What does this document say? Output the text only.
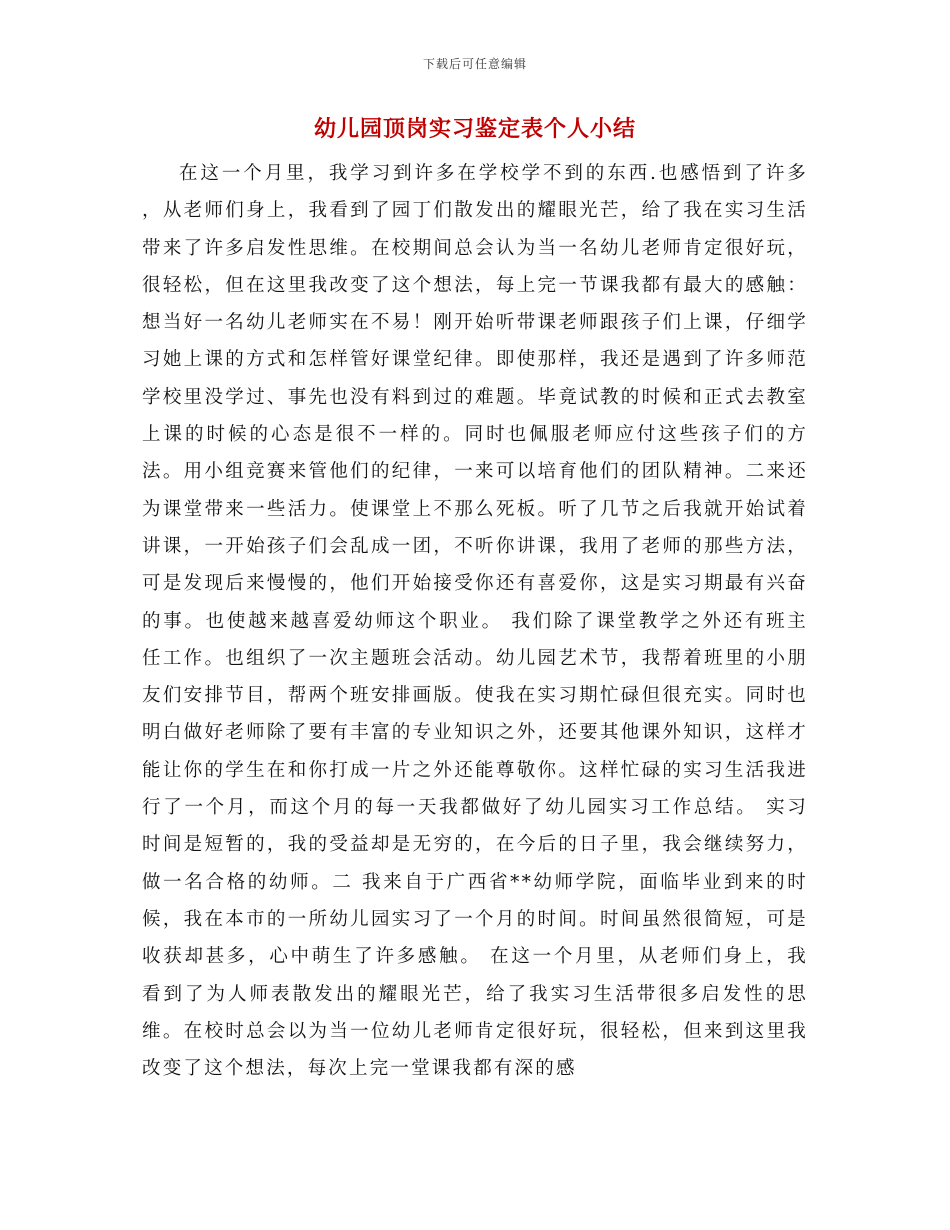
下载后可任意编辑
幼儿园顶岗实习鉴定表个人小结

在这一个月里，我学习到许多在学校学不到的东西.也感悟到了许多 ，从老师们身上，我看到了园丁们散发出的耀眼光芒，给了我在实习生活带来了许多启发性思维。在校期间总会认为当一名幼儿老师肯定很好玩，很轻松，但在这里我改变了这个想法，每上完一节课我都有最大的感触：想当好一名幼儿老师实在不易！刚开始听带课老师跟孩子们上课，仔细学习她上课的方式和怎样管好课堂纪律。即使那样，我还是遇到了许多师范学校里没学过、事先也没有料到过的难题。毕竟试教的时候和正式去教室上课的时候的心态是很不一样的。同时也佩服老师应付这些孩子们的方法。用小组竞赛来管他们的纪律，一来可以培育他们的团队精神。二来还为课堂带来一些活力。使课堂上不那么死板。听了几节之后我就开始试着讲课，一开始孩子们会乱成一团，不听你讲课，我用了老师的那些方法，可是发现后来慢慢的，他们开始接受你还有喜爱你，这是实习期最有兴奋的事。也使越来越喜爱幼师这个职业。 我们除了课堂教学之外还有班主任工作。也组织了一次主题班会活动。幼儿园艺术节，我帮着班里的小朋友们安排节目，帮两个班安排画版。使我在实习期忙碌但很充实。同时也明白做好老师除了要有丰富的专业知识之外，还要其他课外知识，这样才能让你的学生在和你打成一片之外还能尊敬你。这样忙碌的实习生活我进行了一个月，而这个月的每一天我都做好了幼儿园实习工作总结。 实习时间是短暂的，我的受益却是无穷的，在今后的日子里，我会继续努力，做一名合格的幼师。二 我来自于广西省**幼师学院，面临毕业到来的时候，我在本市的一所幼儿园实习了一个月的时间。时间虽然很简短，可是收获却甚多，心中萌生了许多感触。 在这一个月里，从老师们身上，我看到了为人师表散发出的耀眼光芒，给了我实习生活带很多启发性的思维。在校时总会以为当一位幼儿老师肯定很好玩，很轻松，但来到这里我改变了这个想法，每次上完一堂课我都有深的感
